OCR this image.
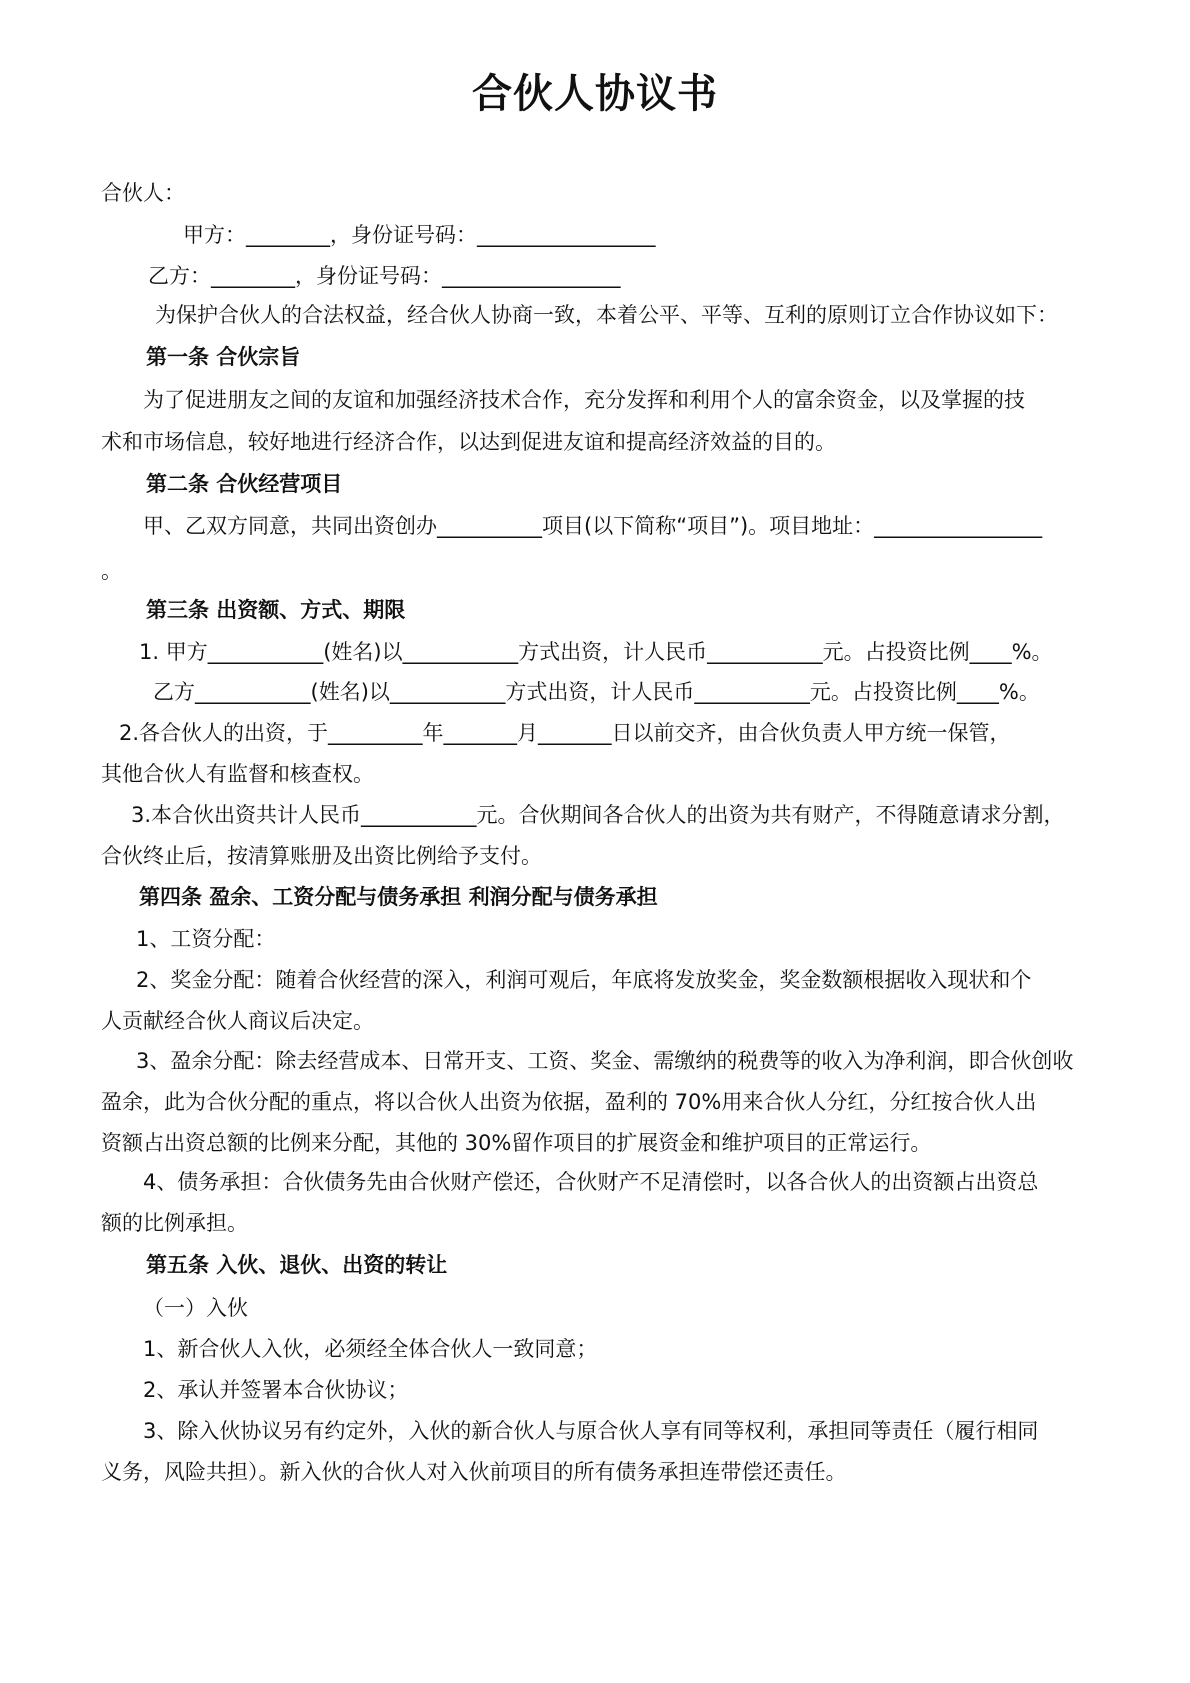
合伙人协议书
合伙人：
甲方：________，身份证号码：_________________
乙方：________，身份证号码：_________________
为保护合伙人的合法权益，经合伙人协商一致，本着公平、平等、互利的原则订立合作协议如下：
第一条 合伙宗旨
为了促进朋友之间的友谊和加强经济技术合作，充分发挥和利用个人的富余资金，以及掌握的技
术和市场信息，较好地进行经济合作，以达到促进友谊和提高经济效益的目的。
第二条 合伙经营项目
甲、乙双方同意，共同出资创办__________项目(以下简称“项目”)。项目地址：________________
。
第三条 出资额、方式、期限
1. 甲方___________(姓名)以___________方式出资，计人民币___________元。占投资比例____%。
乙方___________(姓名)以___________方式出资，计人民币___________元。占投资比例____%。
2.各合伙人的出资，于_________年_______月_______日以前交齐，由合伙负责人甲方统一保管，
其他合伙人有监督和核查权。
3.本合伙出资共计人民币___________元。合伙期间各合伙人的出资为共有财产，不得随意请求分割，
合伙终止后，按清算账册及出资比例给予支付。
第四条 盈余、工资分配与债务承担 利润分配与债务承担
1、工资分配：
2、奖金分配：随着合伙经营的深入，利润可观后，年底将发放奖金，奖金数额根据收入现状和个
人贡献经合伙人商议后决定。
3、盈余分配：除去经营成本、日常开支、工资、奖金、需缴纳的税费等的收入为净利润，即合伙创收
盈余，此为合伙分配的重点，将以合伙人出资为依据，盈利的 70%用来合伙人分红，分红按合伙人出
资额占出资总额的比例来分配，其他的 30%留作项目的扩展资金和维护项目的正常运行。
4、债务承担：合伙债务先由合伙财产偿还，合伙财产不足清偿时，以各合伙人的出资额占出资总
额的比例承担。
第五条 入伙、退伙、出资的转让
（一）入伙
1、新合伙人入伙，必须经全体合伙人一致同意；
2、承认并签署本合伙协议；
3、除入伙协议另有约定外，入伙的新合伙人与原合伙人享有同等权利，承担同等责任（履行相同
义务，风险共担）。新入伙的合伙人对入伙前项目的所有债务承担连带偿还责任。
